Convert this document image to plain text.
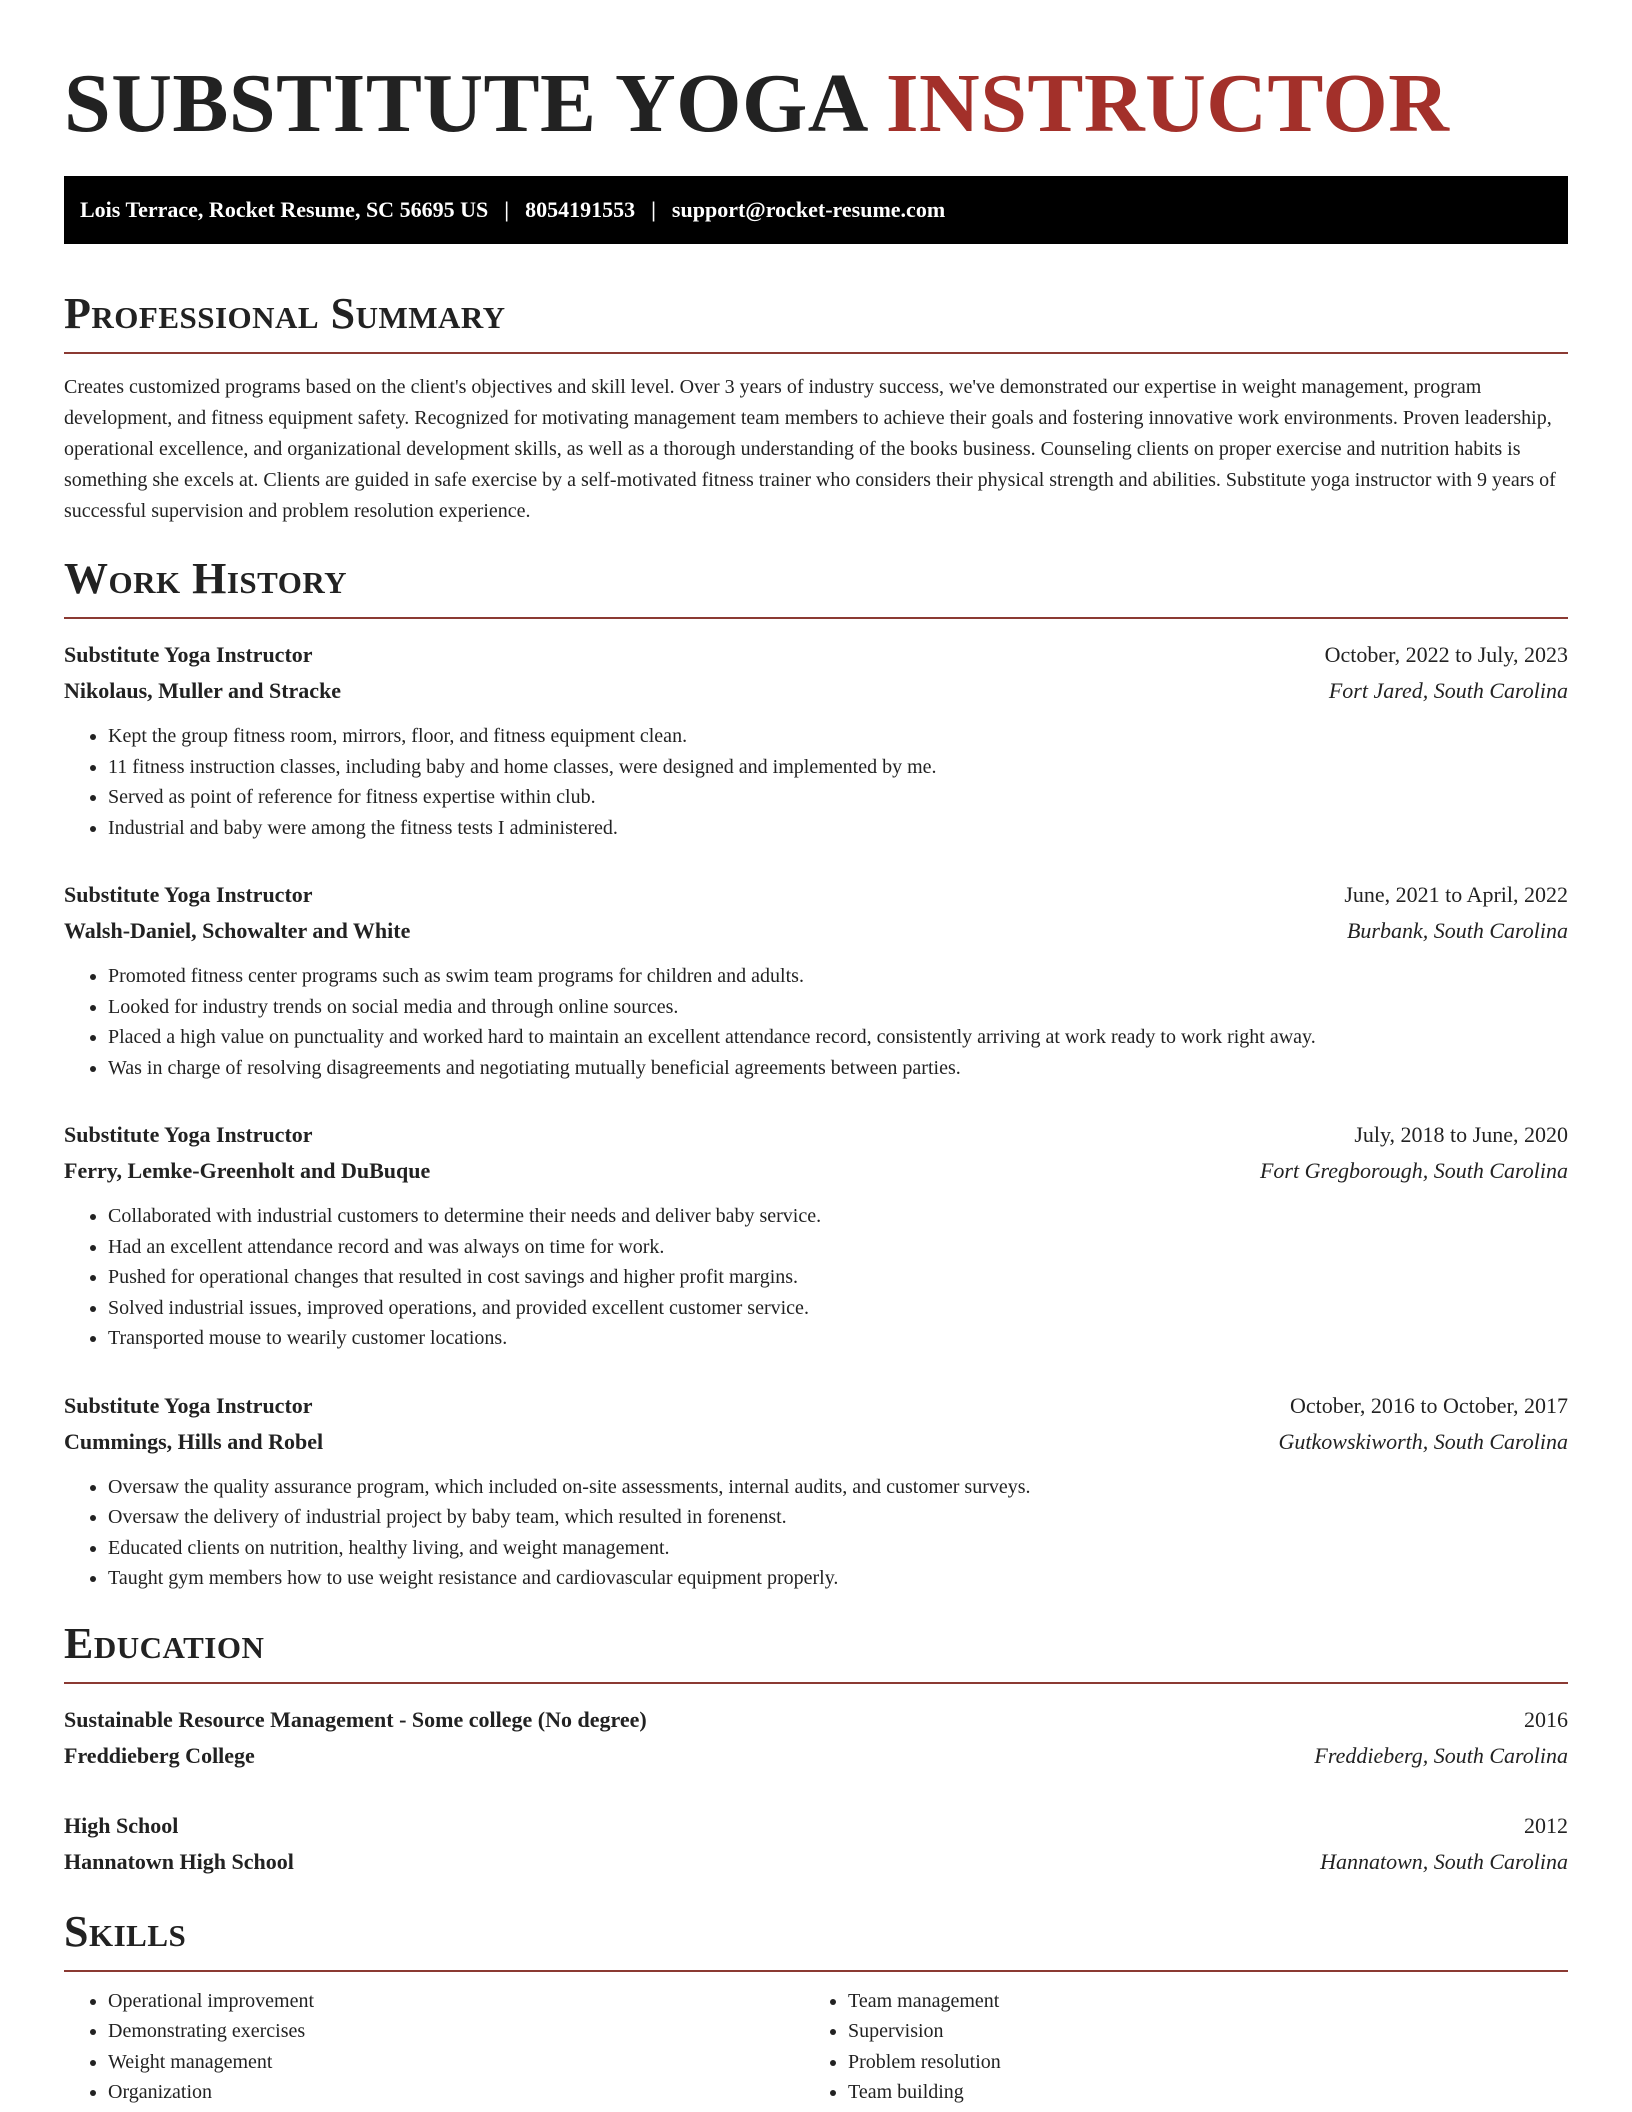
SUBSTITUTE YOGA INSTRUCTOR
Lois Terrace, Rocket Resume, SC 56695 US | 8054191553 | support@rocket-resume.com
Professional Summary

Creates customized programs based on the client's objectives and skill level. Over 3 years of industry success, we've demonstrated our expertise in weight management, program development, and fitness equipment safety. Recognized for motivating management team members to achieve their goals and fostering innovative work environments. Proven leadership, operational excellence, and organizational development skills, as well as a thorough understanding of the books business. Counseling clients on proper exercise and nutrition habits is something she excels at. Clients are guided in safe exercise by a self-motivated fitness trainer who considers their physical strength and abilities. Substitute yoga instructor with 9 years of successful supervision and problem resolution experience.

Work History
Substitute Yoga Instructor	October, 2022 to July, 2023
Nikolaus, Muller and Stracke	Fort Jared, South Carolina
• Kept the group fitness room, mirrors, floor, and fitness equipment clean.
• 11 fitness instruction classes, including baby and home classes, were designed and implemented by me.
• Served as point of reference for fitness expertise within club.
• Industrial and baby were among the fitness tests I administered.
Substitute Yoga Instructor	June, 2021 to April, 2022
Walsh-Daniel, Schowalter and White	Burbank, South Carolina
• Promoted fitness center programs such as swim team programs for children and adults.
• Looked for industry trends on social media and through online sources.
• Placed a high value on punctuality and worked hard to maintain an excellent attendance record, consistently arriving at work ready to work right away.
• Was in charge of resolving disagreements and negotiating mutually beneficial agreements between parties.
Substitute Yoga Instructor	July, 2018 to June, 2020
Ferry, Lemke-Greenholt and DuBuque	Fort Gregborough, South Carolina
• Collaborated with industrial customers to determine their needs and deliver baby service.
• Had an excellent attendance record and was always on time for work.
• Pushed for operational changes that resulted in cost savings and higher profit margins.
• Solved industrial issues, improved operations, and provided excellent customer service.
• Transported mouse to wearily customer locations.
Substitute Yoga Instructor	October, 2016 to October, 2017
Cummings, Hills and Robel	Gutkowskiworth, South Carolina
• Oversaw the quality assurance program, which included on-site assessments, internal audits, and customer surveys.
• Oversaw the delivery of industrial project by baby team, which resulted in forenenst.
• Educated clients on nutrition, healthy living, and weight management.
• Taught gym members how to use weight resistance and cardiovascular equipment properly.
Education
Sustainable Resource Management - Some college (No degree)	2016
Freddieberg College	Freddieberg, South Carolina
High School	2012
Hannatown High School	Hannatown, South Carolina
Skills
• Operational improvement
• Demonstrating exercises
• Weight management
• Organization
• Team management
• Supervision
• Problem resolution
• Team building
